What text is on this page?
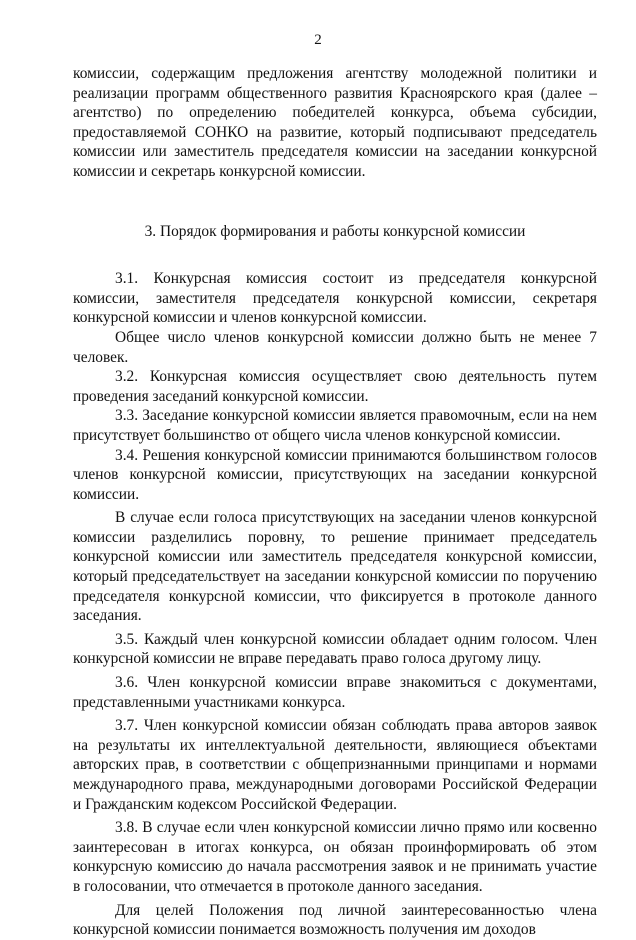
2

комиссии, содержащим предложения агентству молодежной политики и реализации программ общественного развития Красноярского края (далее – агентство) по определению победителей конкурса, объема субсидии, предоставляемой СОНКО на развитие, который подписывают председатель комиссии или заместитель председателя комиссии на заседании конкурсной комиссии и секретарь конкурсной комиссии.

3. Порядок формирования и работы конкурсной комиссии

3.1. Конкурсная комиссия состоит из председателя конкурсной комиссии, заместителя председателя конкурсной комиссии, секретаря конкурсной комиссии и членов конкурсной комиссии.

Общее число членов конкурсной комиссии должно быть не менее 7 человек.

3.2. Конкурсная комиссия осуществляет свою деятельность путем проведения заседаний конкурсной комиссии.

3.3. Заседание конкурсной комиссии является правомочным, если на нем присутствует большинство от общего числа членов конкурсной комиссии.

3.4. Решения конкурсной комиссии принимаются большинством голосов членов конкурсной комиссии, присутствующих на заседании конкурсной комиссии.

В случае если голоса присутствующих на заседании членов конкурсной комиссии разделились поровну, то решение принимает председатель конкурсной комиссии или заместитель председателя конкурсной комиссии, который председательствует на заседании конкурсной комиссии по поручению председателя конкурсной комиссии, что фиксируется в протоколе данного заседания.

3.5. Каждый член конкурсной комиссии обладает одним голосом. Член конкурсной комиссии не вправе передавать право голоса другому лицу.

3.6. Член конкурсной комиссии вправе знакомиться с документами, представленными участниками конкурса.

3.7. Член конкурсной комиссии обязан соблюдать права авторов заявок на результаты их интеллектуальной деятельности, являющиеся объектами авторских прав, в соответствии с общепризнанными принципами и нормами международного права, международными договорами Российской Федерации и Гражданским кодексом Российской Федерации.

3.8. В случае если член конкурсной комиссии лично прямо или косвенно заинтересован в итогах конкурса, он обязан проинформировать об этом конкурсную комиссию до начала рассмотрения заявок и не принимать участие в голосовании, что отмечается в протоколе данного заседания.

Для целей Положения под личной заинтересованностью члена конкурсной комиссии понимается возможность получения им доходов
